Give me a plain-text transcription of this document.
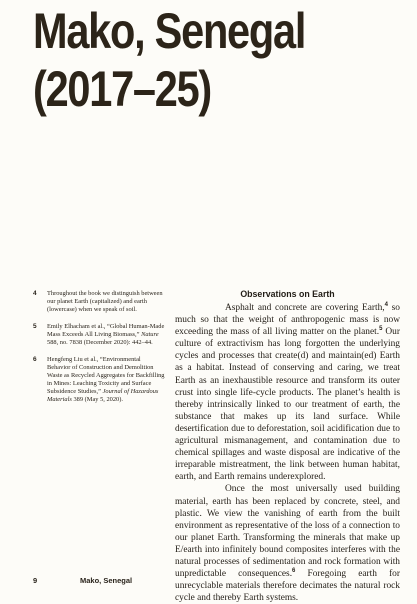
Mako, Senegal
(2017–25)
4 Throughout the book we distinguish between our planet Earth (capitalized) and earth (lowercase) when we speak of soil.
5 Emily Elhacham et al., “Global Human-Made Mass Exceeds All Living Biomass,” Nature 588, no. 7838 (December 2020): 442–44.
6 Hengfeng Liu et al., “Environmental Behavior of Construction and Demolition Waste as Recycled Aggregates for Backfilling in Mines: Leaching Toxicity and Surface Subsidence Studies,” Journal of Hazardous Materials 389 (May 5, 2020).
Observations on Earth

Asphalt and concrete are covering Earth,$^4$ so much so that the weight of anthropogenic mass is now exceeding the mass of all living matter on the planet.$^5$ Our culture of extractivism has long forgotten the underlying cycles and processes that create(d) and maintain(ed) Earth as a habitat. Instead of conserving and caring, we treat Earth as an inexhaustible resource and transform its outer crust into single life-cycle products. The planet’s health is thereby intrinsically linked to our treatment of earth, the substance that makes up its land surface. While desertification due to deforestation, soil acidification due to agricultural mismanagement, and contamination due to chemical spillages and waste disposal are indicative of the irreparable mistreatment, the link between human habitat, earth, and Earth remains underexplored.

Once the most universally used building material, earth has been replaced by concrete, steel, and plastic. We view the vanishing of earth from the built environment as representative of the loss of a connection to our planet Earth. Transforming the minerals that make up E/earth into infinitely bound composites interferes with the natural processes of sedimentation and rock formation with unpredictable consequences.$^6$ Foregoing earth for unrecyclable materials therefore decimates the natural rock cycle and thereby Earth systems.

9	Mako, Senegal
